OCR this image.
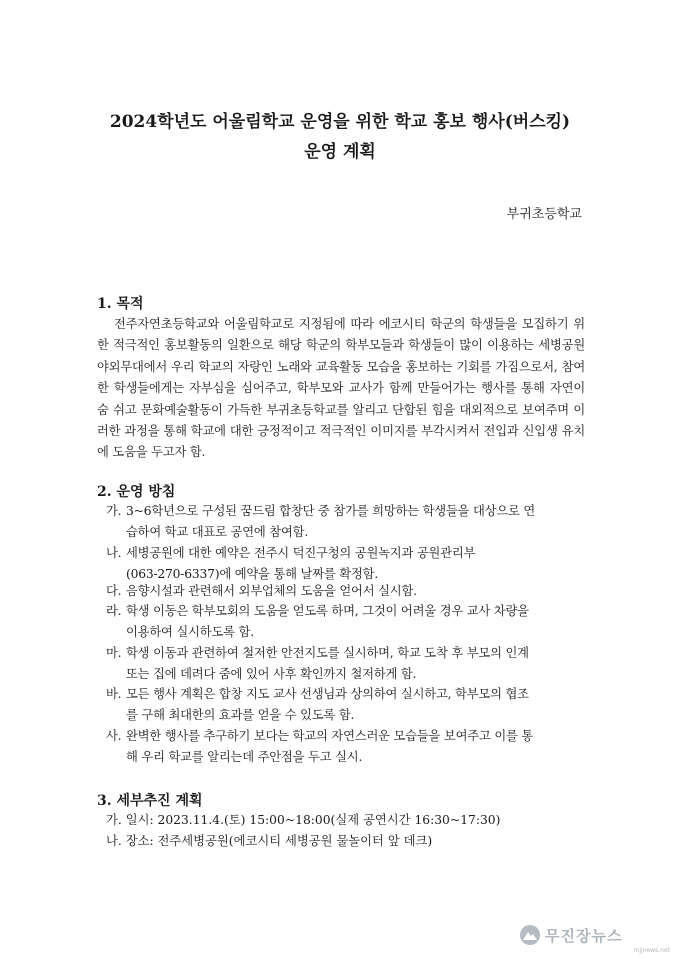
2024학년도 어울림학교 운영을 위한 학교 홍보 행사(버스킹)
운영 계획
부귀초등학교
1. 목적
전주자연초등학교와 어울림학교로 지정됨에 따라 에코시티 학군의 학생들을 모집하기 위한 적극적인 홍보활동의 일환으로 해당 학군의 학부모들과 학생들이 많이 이용하는 세병공원 야외무대에서 우리 학교의 자랑인 노래와 교육활동 모습을 홍보하는 기회를 가짐으로서, 참여한 학생들에게는 자부심을 심어주고, 학부모와 교사가 함께 만들어가는 행사를 통해 자연이 숨 쉬고 문화예술활동이 가득한 부귀초등학교를 알리고 단합된 힘을 대외적으로 보여주며 이러한 과정을 통해 학교에 대한 긍정적이고 적극적인 이미지를 부각시켜서 전입과 신입생 유치에 도움을 두고자 함.
2. 운영 방침
가. 3~6학년으로 구성된 꿈드림 합창단 중 참가를 희망하는 학생들을 대상으로 연
습하여 학교 대표로 공연에 참여함.
나. 세병공원에 대한 예약은 전주시 덕진구청의 공원녹지과 공원관리부
(063-270-6337)에 예약을 통해 날짜를 확정함.
다. 음향시설과 관련해서 외부업체의 도움을 얻어서 실시함.
라. 학생 이동은 학부모회의 도움을 얻도록 하며, 그것이 어려울 경우 교사 차량을
이용하여 실시하도록 함.
마. 학생 이동과 관련하여 철저한 안전지도를 실시하며, 학교 도착 후 부모의 인계
또는 집에 데려다 줌에 있어 사후 확인까지 철저하게 함.
바. 모든 행사 계획은 합창 지도 교사 선생님과 상의하여 실시하고, 학부모의 협조
를 구해 최대한의 효과를 얻을 수 있도록 함.
사. 완벽한 행사를 추구하기 보다는 학교의 자연스러운 모습들을 보여주고 이를 통
해 우리 학교를 알리는데 주안점을 두고 실시.
3. 세부추진 계획
가. 일시: 2023.11.4.(토) 15:00~18:00(실제 공연시간 16:30~17:30)
나. 장소: 전주세병공원(에코시티 세병공원 물놀이터 앞 데크)
무진장뉴스
mjjnews.net
